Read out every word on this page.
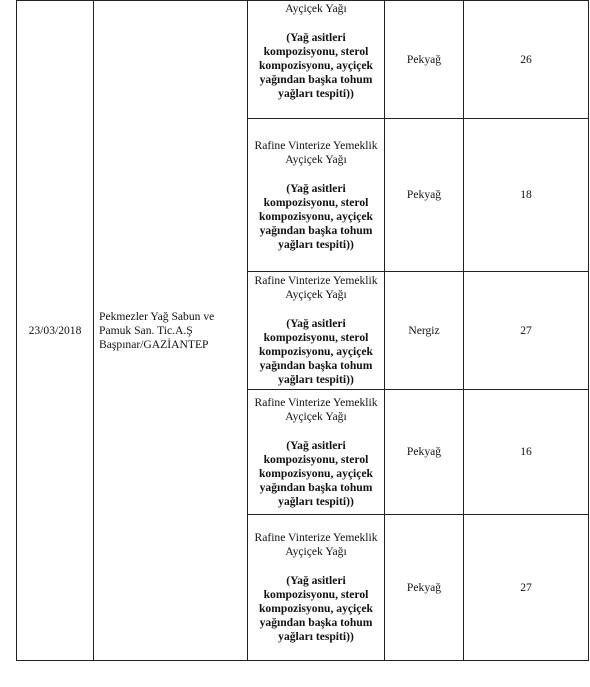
23/03/2018	Pekmezler Yağ Sabun ve Pamuk San. Tic.A.Ş Başpınar/GAZİANTEP	Ayçiçek Yağı
(Yağ asitleri kompozisyonu, sterol kompozisyonu, ayçiçek yağından başka tohum yağları tespiti))	Pekyağ	26

		Rafine Vinterize Yemeklik Ayçiçek Yağı
(Yağ asitleri kompozisyonu, sterol kompozisyonu, ayçiçek yağından başka tohum yağları tespiti))	Pekyağ	18

		Rafine Vinterize Yemeklik Ayçiçek Yağı
(Yağ asitleri kompozisyonu, sterol kompozisyonu, ayçiçek yağından başka tohum yağları tespiti))	Nergiz	27

		Rafine Vinterize Yemeklik Ayçiçek Yağı
(Yağ asitleri kompozisyonu, sterol kompozisyonu, ayçiçek yağından başka tohum yağları tespiti))	Pekyağ	16

		Rafine Vinterize Yemeklik Ayçiçek Yağı
(Yağ asitleri kompozisyonu, sterol kompozisyonu, ayçiçek yağından başka tohum yağları tespiti))	Pekyağ	27
